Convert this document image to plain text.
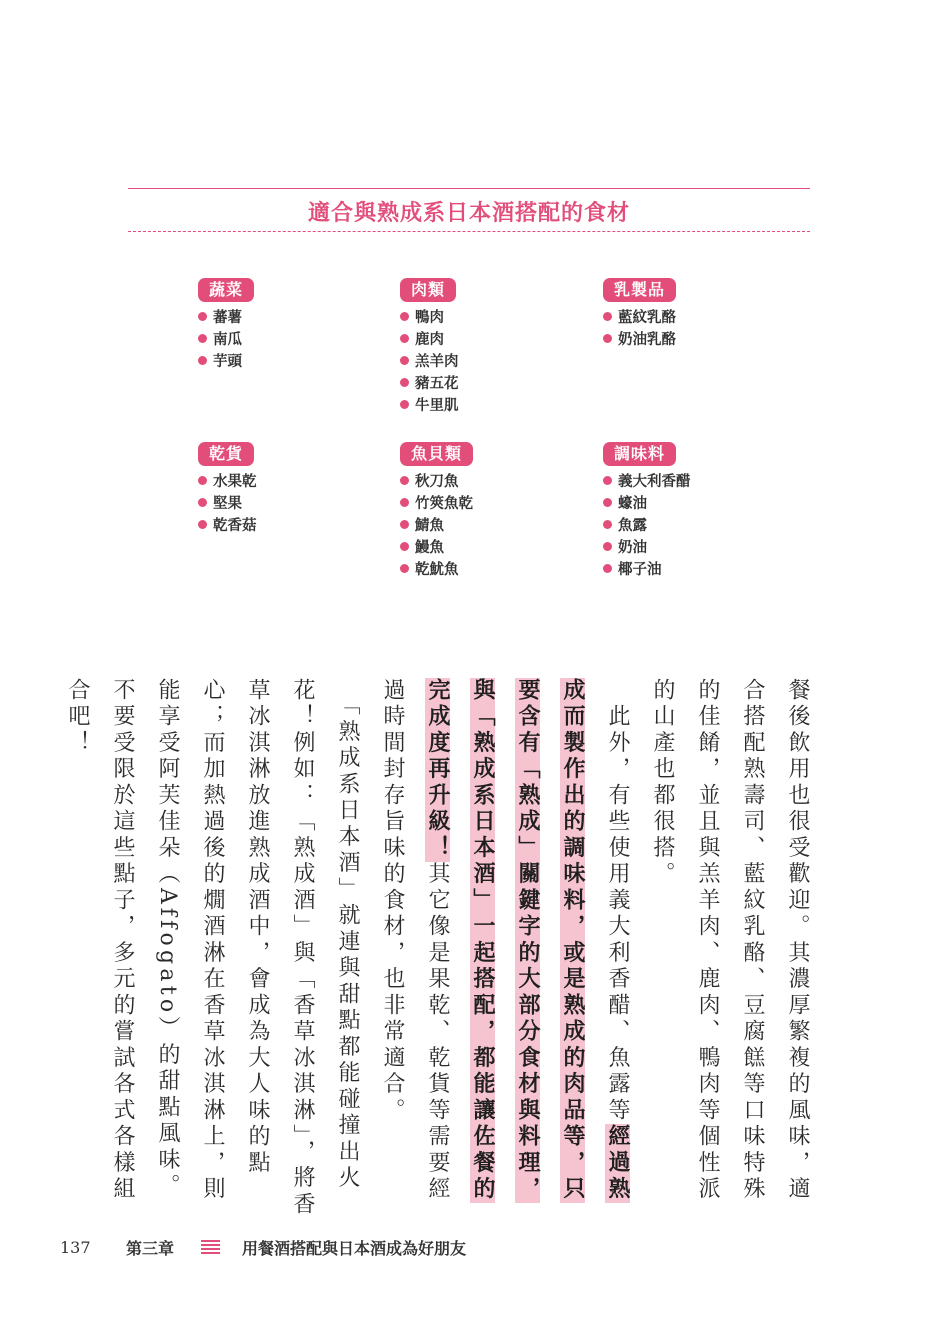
適合與熟成系日本酒搭配的食材
蔬菜
蕃薯
南瓜
芋頭
肉類
鴨肉
鹿肉
羔羊肉
豬五花
牛里肌
乳製品
藍紋乳酪
奶油乳酪
乾貨
水果乾
堅果
乾香菇
魚貝類
秋刀魚
竹筴魚乾
鯖魚
鰻魚
乾魷魚
調味料
義大利香醋
蠔油
魚露
奶油
椰子油

餐後飲用也很受歡迎。其濃厚繁複的風味，適合搭配熟壽司、藍紋乳酪、豆腐餻等口味特殊的佳餚，並且與羔羊肉、鹿肉、鴨肉等個性派的山產也都很搭。

　此外，有些使用義大利香醋、魚露等經過熟成而製作出的調味料，或是熟成的肉品等，只要含有「熟成」關鍵字的大部分食材與料理，與「熟成系日本酒」一起搭配，都能讓佐餐的完成度再升級！其它像是果乾、乾貨等需要經過時間封存旨味的食材，也非常適合。

　「熟成系日本酒」就連與甜點都能碰撞出火花！例如：「熟成酒」與「香草冰淇淋」，將香草冰淇淋放進熟成酒中，會成為大人味的點心；而加熱過後的燗酒淋在香草冰淇淋上，則能享受阿芙佳朵（Affogato）的甜點風味。不要受限於這些點子，多元的嘗試各式各樣組合吧！

137 第三章	用餐酒搭配與日本酒成為好朋友
